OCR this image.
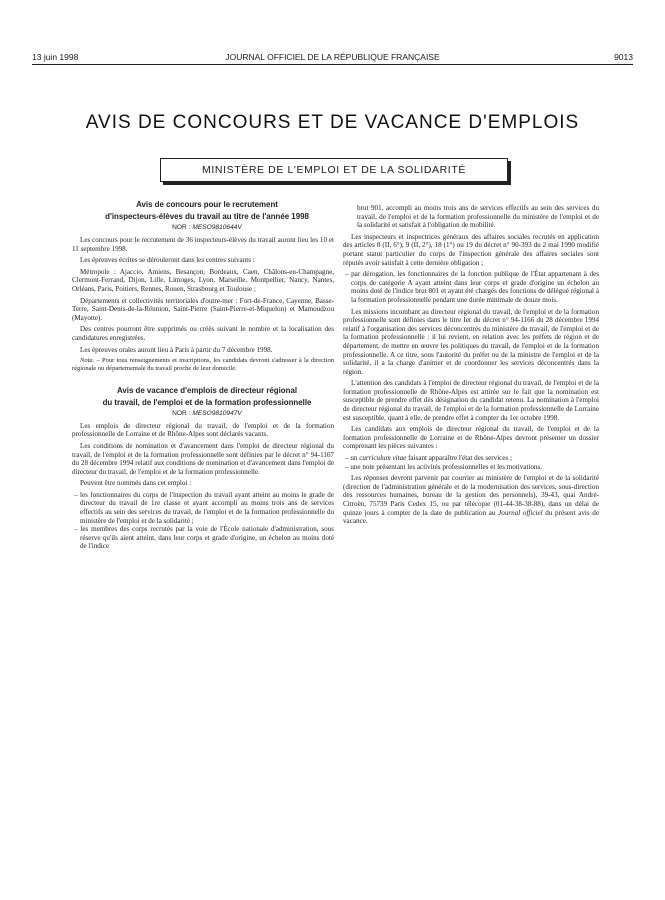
13 juin 1998	JOURNAL OFFICIEL DE LA RÉPUBLIQUE FRANÇAISE	9013
AVIS DE CONCOURS ET DE VACANCE D'EMPLOIS
MINISTÈRE DE L'EMPLOI ET DE LA SOLIDARITÉ

Avis de concours pour le recrutement

d'inspecteurs-élèves du travail au titre de l'année 1998

NOR : MESO9810644V

Les concours pour le recrutement de 36 inspecteurs-élèves du travail auront lieu les 10 et 11 septembre 1998.

Les épreuves écrites se dérouleront dans les centres suivants :

Métropole : Ajaccio, Amiens, Besançon, Bordeaux, Caen, Châlons-en-Champagne, Clermont-Ferrand, Dijon, Lille, Limoges, Lyon, Marseille, Montpellier, Nancy, Nantes, Orléans, Paris, Poitiers, Rennes, Rouen, Strasbourg et Toulouse ;

Départements et collectivités territoriales d'outre-mer : Fort-de-France, Cayenne, Basse-Terre, Saint-Denis-de-la-Réunion, Saint-Pierre (Saint-Pierre-et-Miquelon) et Mamoudzou (Mayotte).

Des centres pourront être supprimés ou créés suivant le nombre et la localisation des candidatures enregistrées.

Les épreuves orales auront lieu à Paris à partir du 7 décembre 1998.

Nota. – Pour tous renseignements et inscriptions, les candidats devront s'adresser à la direction régionale ou départementale du travail proche de leur domicile.

Avis de vacance d'emplois de directeur régional

du travail, de l'emploi et de la formation professionnelle

NOR : MESO9810947V

Les emplois de directeur régional du travail, de l'emploi et de la formation professionnelle de Lorraine et de Rhône-Alpes sont déclarés vacants.

Les conditions de nomination et d'avancement dans l'emploi de directeur régional du travail, de l'emploi et de la formation professionnelle sont définies par le décret n° 94-1167 du 28 décembre 1994 relatif aux conditions de nomination et d'avancement dans l'emploi de directeur du travail, de l'emploi et de la formation professionnelle.

Peuvent être nommés dans cet emploi :

– les fonctionnaires du corps de l'inspection du travail ayant atteint au moins le grade de directeur du travail de 1re classe et ayant accompli au moins trois ans de services effectifs au sein des services du travail, de l'emploi et de la formation professionnelle du ministère de l'emploi et de la solidarité ;
– les membres des corps recrutés par la voie de l'École nationale d'administration, sous réserve qu'ils aient atteint, dans leur corps et grade d'origine, un échelon au moins doté de l'indice
brut 901, accompli au moins trois ans de services effectifs au sein des services du travail, de l'emploi et de la formation professionnelle du ministère de l'emploi et de la solidarité et satisfait à l'obligation de mobilité.

Les inspecteurs et inspectrices généraux des affaires sociales recrutés en application des articles 8 (II, 6°), 9 (II, 2°), 18 (1°) ou 19 du décret n° 90-393 du 2 mai 1990 modifié portant statut particulier du corps de l'inspection générale des affaires sociales sont réputés avoir satisfait à cette dernière obligation ;

– par dérogation, les fonctionnaires de la fonction publique de l'État appartenant à des corps de catégorie A ayant atteint dans leur corps et grade d'origine un échelon au moins doté de l'indice brut 801 et ayant été chargés des fonctions de délégué régional à la formation professionnelle pendant une durée minimale de douze mois.

Les missions incombant au directeur régional du travail, de l'emploi et de la formation professionnelle sont définies dans le titre Ier du décret n° 94-1166 du 28 décembre 1994 relatif à l'organisation des services déconcentrés du ministère du travail, de l'emploi et de la formation professionnelle : il lui revient, en relation avec les préfets de région et de département, de mettre en œuvre les politiques du travail, de l'emploi et de la formation professionnelle. A ce titre, sous l'autorité du préfet ou de la ministre de l'emploi et de la solidarité, il a la charge d'animer et de coordonner les services déconcentrés dans la région.

L'attention des candidats à l'emploi de directeur régional du travail, de l'emploi et de la formation professionnelle de Rhône-Alpes est attirée sur le fait que la nomination est susceptible de prendre effet dès désignation du candidat retenu. La nomination à l'emploi de directeur régional du travail, de l'emploi et de la formation professionnelle de Lorraine est susceptible, quant à elle, de prendre effet à compter du 1er octobre 1998.

Les candidats aux emplois de directeur régional du travail, de l'emploi et de la formation professionnelle de Lorraine et de Rhône-Alpes devront présenter un dossier comprenant les pièces suivantes :

– un curriculum vitae faisant apparaître l'état des services ;
– une note présentant les activités professionnelles et les motivations.

Les réponses devront parvenir par courrier au ministère de l'emploi et de la solidarité (direction de l'administration générale et de la modernisation des services, sous-direction des ressources humaines, bureau de la gestion des personnels), 39-43, quai André-Citroën, 75739 Paris Cedex 15, ou par télécopie (01-44-38-38-88), dans un délai de quinze jours à compter de la date de publication au Journal officiel du présent avis de vacance.
